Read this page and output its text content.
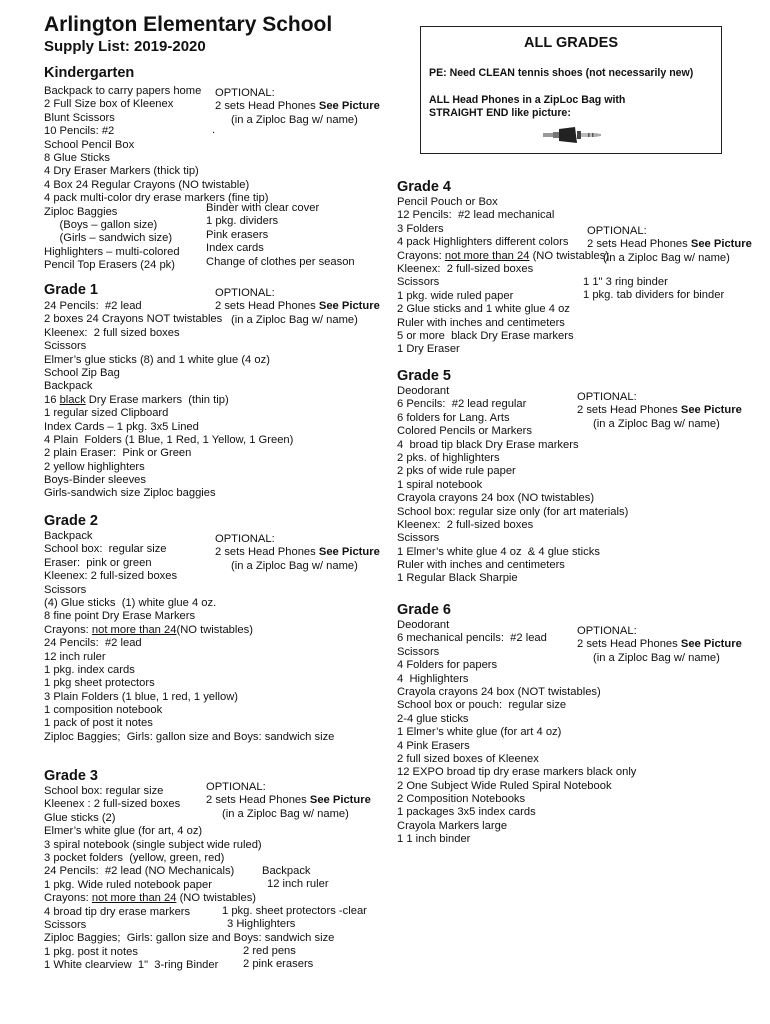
Arlington Elementary School
Supply List: 2019-2020	ALL GRADES
PE: Need CLEAN tennis shoes (not necessarily new)
ALL Head Phones in a ZipLoc Bag with
STRAIGHT END like picture:
Kindergarten
Backpack to carry papers home
2 Full Size box of Kleenex
Blunt Scissors
10 Pencils: #2
School Pencil Box
8 Glue Sticks
4 Dry Eraser Markers (thick tip)
4 Box 24 Regular Crayons (NO twistable)
4 pack multi-color dry erase markers (fine tip)
Ziploc Baggies
(Boys – gallon size)
(Girls – sandwich size)
Highlighters – multi-colored
Pencil Top Erasers (24 pk)
Binder with clear cover
1 pkg. dividers
Pink erasers
Index cards
Change of clothes per season
OPTIONAL:
2 sets Head Phones See Picture
(in a Ziploc Bag w/ name)
.
Grade 1
24 Pencils:  #2 lead
2 boxes 24 Crayons NOT twistables
Kleenex:  2 full sized boxes
Scissors
Elmer’s glue sticks (8) and 1 white glue (4 oz)
School Zip Bag
Backpack
16 black Dry Erase markers  (thin tip)
1 regular sized Clipboard
Index Cards – 1 pkg. 3x5 Lined
4 Plain  Folders (1 Blue, 1 Red, 1 Yellow, 1 Green)
2 plain Eraser:  Pink or Green
2 yellow highlighters
Boys-Binder sleeves
Girls-sandwich size Ziploc baggies
OPTIONAL:
2 sets Head Phones See Picture
(in a Ziploc Bag w/ name)
Grade 2
Backpack
School box:  regular size
Eraser:  pink or green
Kleenex: 2 full-sized boxes
Scissors
(4) Glue sticks  (1) white glue 4 oz.
8 fine point Dry Erase Markers
Crayons: not more than 24(NO twistables)
24 Pencils:  #2 lead
12 inch ruler
1 pkg. index cards
1 pkg sheet protectors
3 Plain Folders (1 blue, 1 red, 1 yellow)
1 composition notebook
1 pack of post it notes
Ziploc Baggies;  Girls: gallon size and Boys: sandwich size
OPTIONAL:
2 sets Head Phones See Picture
(in a Ziploc Bag w/ name)
Grade 3
School box: regular size
Kleenex : 2 full-sized boxes
Glue sticks (2)
Elmer’s white glue (for art, 4 oz)
3 spiral notebook (single subject wide ruled)
3 pocket folders  (yellow, green, red)
24 Pencils:  #2 lead (NO Mechanicals)
1 pkg. Wide ruled notebook paper
Crayons: not more than 24 (NO twistables)
4 broad tip dry erase markers
Scissors
Ziploc Baggies;  Girls: gallon size and Boys: sandwich size
1 pkg. post it notes
1 White clearview  1"  3-ring Binder
Backpack
12 inch ruler
1 pkg. sheet protectors -clear
3 Highlighters
2 red pens
2 pink erasers
OPTIONAL:
2 sets Head Phones See Picture
(in a Ziploc Bag w/ name)
Grade 4
Pencil Pouch or Box
12 Pencils:  #2 lead mechanical
3 Folders
4 pack Highlighters different colors
Crayons: not more than 24 (NO twistables)
Kleenex:  2 full-sized boxes
Scissors
1 pkg. wide ruled paper
2 Glue sticks and 1 white glue 4 oz
Ruler with inches and centimeters
5 or more  black Dry Erase markers
1 Dry Eraser
1 1" 3 ring binder
1 pkg. tab dividers for binder
OPTIONAL:
2 sets Head Phones See Picture
(in a Ziploc Bag w/ name)
Grade 5
Deodorant
6 Pencils:  #2 lead regular
6 folders for Lang. Arts
Colored Pencils or Markers
4  broad tip black Dry Erase markers
2 pks. of highlighters
2 pks of wide rule paper
1 spiral notebook
Crayola crayons 24 box (NO twistables)
School box: regular size only (for art materials)
Kleenex:  2 full-sized boxes
Scissors
1 Elmer’s white glue 4 oz  & 4 glue sticks
Ruler with inches and centimeters
1 Regular Black Sharpie
OPTIONAL:
2 sets Head Phones See Picture
(in a Ziploc Bag w/ name)
Grade 6
Deodorant
6 mechanical pencils:  #2 lead
Scissors
4 Folders for papers
4  Highlighters
Crayola crayons 24 box (NOT twistables)
School box or pouch:  regular size
2-4 glue sticks
1 Elmer’s white glue (for art 4 oz)
4 Pink Erasers
2 full sized boxes of Kleenex
12 EXPO broad tip dry erase markers black only
2 One Subject Wide Ruled Spiral Notebook
2 Composition Notebooks
1 packages 3x5 index cards
Crayola Markers large
1 1 inch binder
OPTIONAL:
2 sets Head Phones See Picture
(in a Ziploc Bag w/ name)
